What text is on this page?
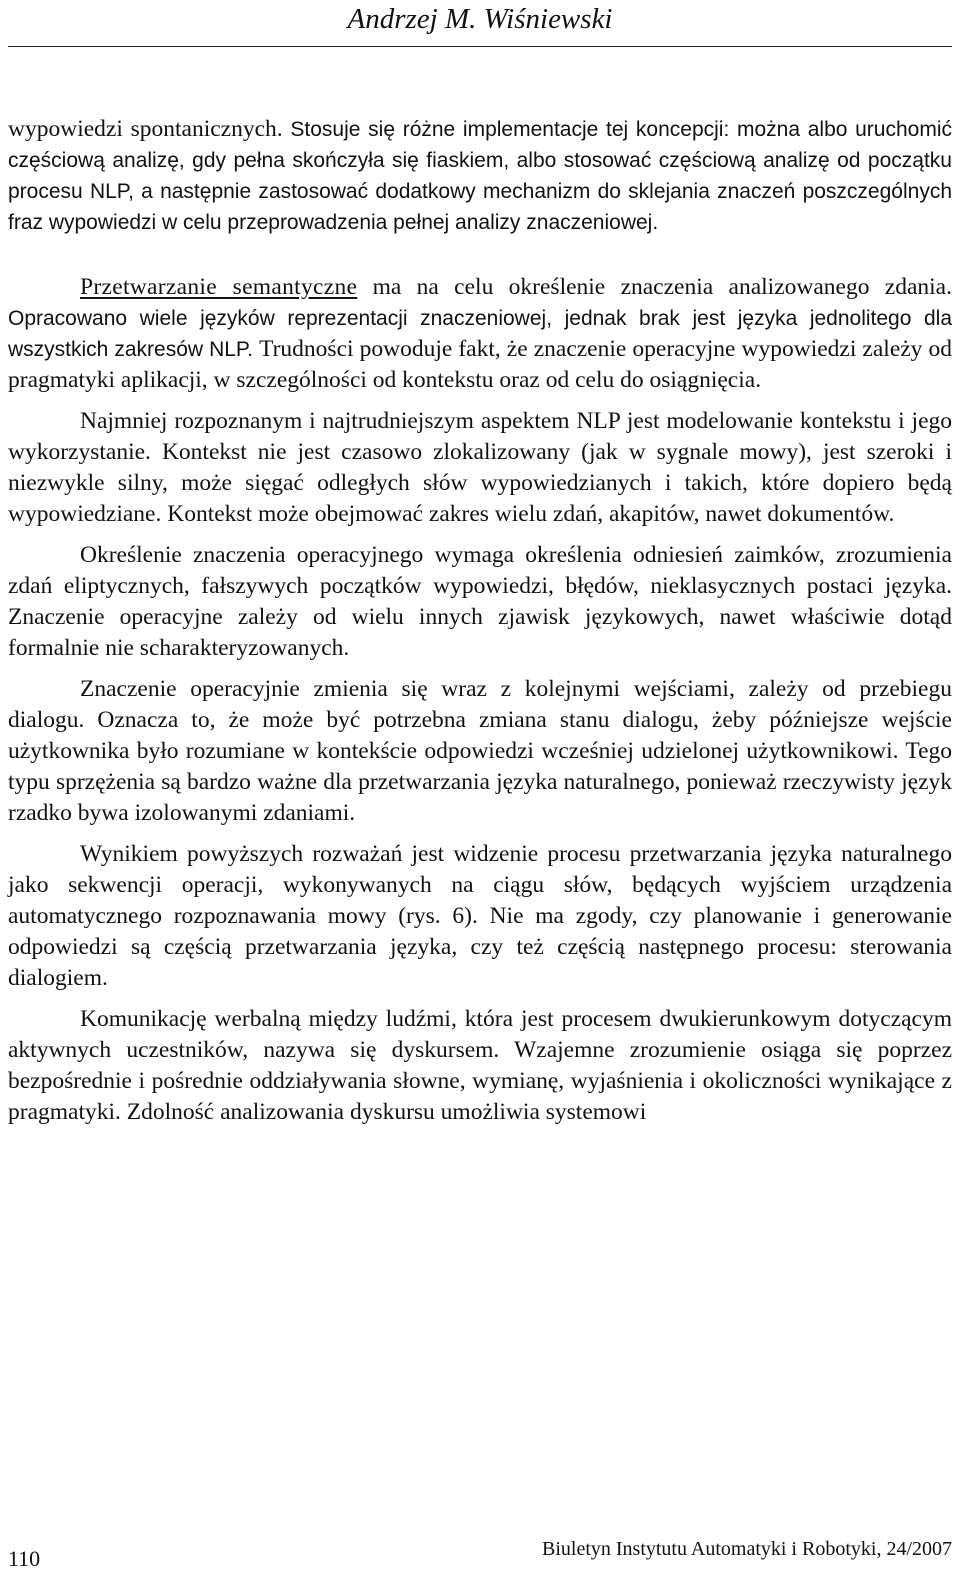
Andrzej M. Wiśniewski

wypowiedzi spontanicznych. Stosuje się różne implementacje tej koncepcji: można albo uruchomić częściową analizę, gdy pełna skończyła się fiaskiem, albo stosować częściową analizę od początku procesu NLP, a następnie zastosować dodatkowy mechanizm do sklejania znaczeń poszczególnych fraz wypowiedzi w celu przeprowadzenia pełnej analizy znaczeniowej.

Przetwarzanie semantyczne ma na celu określenie znaczenia analizowanego zdania. Opracowano wiele języków reprezentacji znaczeniowej, jednak brak jest języka jednolitego dla wszystkich zakresów NLP. Trudności powoduje fakt, że znaczenie operacyjne wypowiedzi zależy od pragmatyki aplikacji, w szczególności od kontekstu oraz od celu do osiągnięcia.

Najmniej rozpoznanym i najtrudniejszym aspektem NLP jest modelowanie kontekstu i jego wykorzystanie. Kontekst nie jest czasowo zlokalizowany (jak w sygnale mowy), jest szeroki i niezwykle silny, może sięgać odległych słów wypowiedzianych i takich, które dopiero będą wypowiedziane. Kontekst może obejmować zakres wielu zdań, akapitów, nawet dokumentów.

Określenie znaczenia operacyjnego wymaga określenia odniesień zaimków, zrozumienia zdań eliptycznych, fałszywych początków wypowiedzi, błędów, nieklasycznych postaci języka. Znaczenie operacyjne zależy od wielu innych zjawisk językowych, nawet właściwie dotąd formalnie nie scharakteryzowanych.

Znaczenie operacyjnie zmienia się wraz z kolejnymi wejściami, zależy od przebiegu dialogu. Oznacza to, że może być potrzebna zmiana stanu dialogu, żeby późniejsze wejście użytkownika było rozumiane w kontekście odpowiedzi wcześniej udzielonej użytkownikowi. Tego typu sprzężenia są bardzo ważne dla przetwarzania języka naturalnego, ponieważ rzeczywisty język rzadko bywa izolowanymi zdaniami.

Wynikiem powyższych rozważań jest widzenie procesu przetwarzania języka naturalnego jako sekwencji operacji, wykonywanych na ciągu słów, będących wyjściem urządzenia automatycznego rozpoznawania mowy (rys. 6). Nie ma zgody, czy planowanie i generowanie odpowiedzi są częścią przetwarzania języka, czy też częścią następnego procesu: sterowania dialogiem.

Komunikację werbalną między ludźmi, która jest procesem dwukierunkowym dotyczącym aktywnych uczestników, nazywa się dyskursem. Wzajemne zrozumienie osiąga się poprzez bezpośrednie i pośrednie oddziaływania słowne, wymianę, wyjaśnienia i okoliczności wynikające z pragmatyki. Zdolność analizowania dyskursu umożliwia systemowi

110	Biuletyn Instytutu Automatyki i Robotyki, 24/2007
